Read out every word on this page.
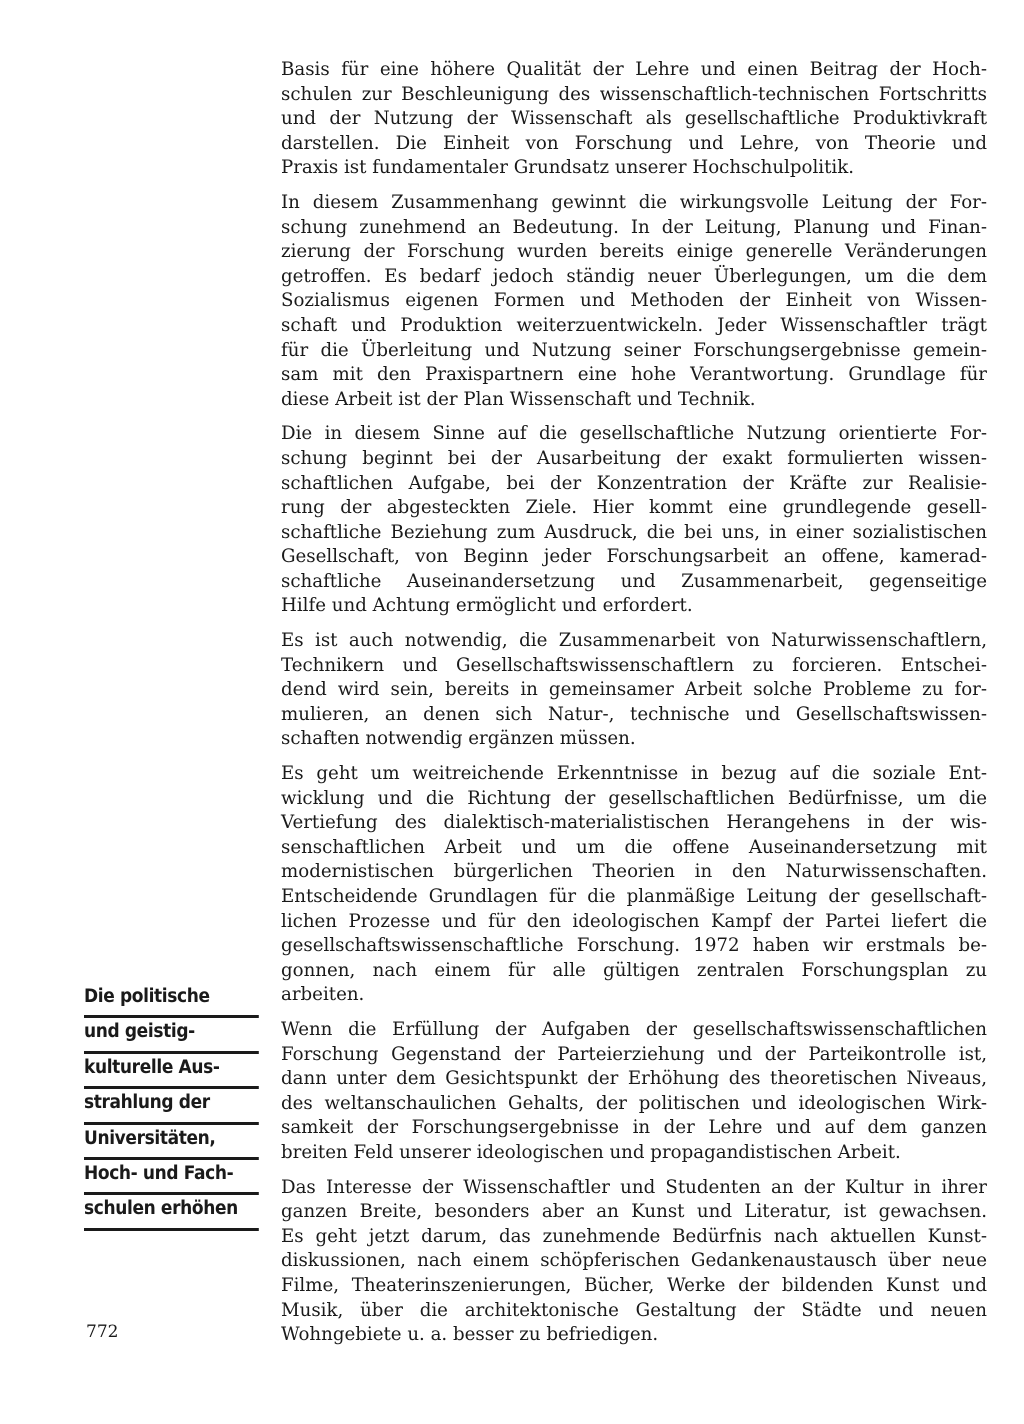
Basis für eine höhere Qualität der Lehre und einen Beitrag der Hoch-
schulen zur Beschleunigung des wissenschaftlich-technischen Fortschritts
und der Nutzung der Wissenschaft als gesellschaftliche Produktivkraft
darstellen. Die Einheit von Forschung und Lehre, von Theorie und
Praxis ist fundamentaler Grundsatz unserer Hochschulpolitik.
In diesem Zusammenhang gewinnt die wirkungsvolle Leitung der For-
schung zunehmend an Bedeutung. In der Leitung, Planung und Finan-
zierung der Forschung wurden bereits einige generelle Veränderungen
getroffen. Es bedarf jedoch ständig neuer Überlegungen, um die dem
Sozialismus eigenen Formen und Methoden der Einheit von Wissen-
schaft und Produktion weiterzuentwickeln. Jeder Wissenschaftler trägt
für die Überleitung und Nutzung seiner Forschungsergebnisse gemein-
sam mit den Praxispartnern eine hohe Verantwortung. Grundlage für
diese Arbeit ist der Plan Wissenschaft und Technik.
Die in diesem Sinne auf die gesellschaftliche Nutzung orientierte For-
schung beginnt bei der Ausarbeitung der exakt formulierten wissen-
schaftlichen Aufgabe, bei der Konzentration der Kräfte zur Realisie-
rung der abgesteckten Ziele. Hier kommt eine grundlegende gesell-
schaftliche Beziehung zum Ausdruck, die bei uns, in einer sozialistischen
Gesellschaft, von Beginn jeder Forschungsarbeit an offene, kamerad-
schaftliche Auseinandersetzung und Zusammenarbeit, gegenseitige
Hilfe und Achtung ermöglicht und erfordert.
Es ist auch notwendig, die Zusammenarbeit von Naturwissenschaftlern,
Technikern und Gesellschaftswissenschaftlern zu forcieren. Entschei-
dend wird sein, bereits in gemeinsamer Arbeit solche Probleme zu for-
mulieren, an denen sich Natur-, technische und Gesellschaftswissen-
schaften notwendig ergänzen müssen.
Es geht um weitreichende Erkenntnisse in bezug auf die soziale Ent-
wicklung und die Richtung der gesellschaftlichen Bedürfnisse, um die
Vertiefung des dialektisch-materialistischen Herangehens in der wis-
senschaftlichen Arbeit und um die offene Auseinandersetzung mit
modernistischen bürgerlichen Theorien in den Naturwissenschaften.
Entscheidende Grundlagen für die planmäßige Leitung der gesellschaft-
lichen Prozesse und für den ideologischen Kampf der Partei liefert die
gesellschaftswissenschaftliche Forschung. 1972 haben wir erstmals be-
gonnen, nach einem für alle gültigen zentralen Forschungsplan zu
arbeiten.
Wenn die Erfüllung der Aufgaben der gesellschaftswissenschaftlichen
Forschung Gegenstand der Parteierziehung und der Parteikontrolle ist,
dann unter dem Gesichtspunkt der Erhöhung des theoretischen Niveaus,
des weltanschaulichen Gehalts, der politischen und ideologischen Wirk-
samkeit der Forschungsergebnisse in der Lehre und auf dem ganzen
breiten Feld unserer ideologischen und propagandistischen Arbeit.
Das Interesse der Wissenschaftler und Studenten an der Kultur in ihrer
ganzen Breite, besonders aber an Kunst und Literatur, ist gewachsen.
Es geht jetzt darum, das zunehmende Bedürfnis nach aktuellen Kunst-
diskussionen, nach einem schöpferischen Gedankenaustausch über neue
Filme, Theaterinszenierungen, Bücher, Werke der bildenden Kunst und
Musik, über die architektonische Gestaltung der Städte und neuen
Wohngebiete u. a. besser zu befriedigen.
Die politische
und geistig-
kulturelle Aus-
strahlung der
Universitäten,
Hoch- und Fach-
schulen erhöhen
772
